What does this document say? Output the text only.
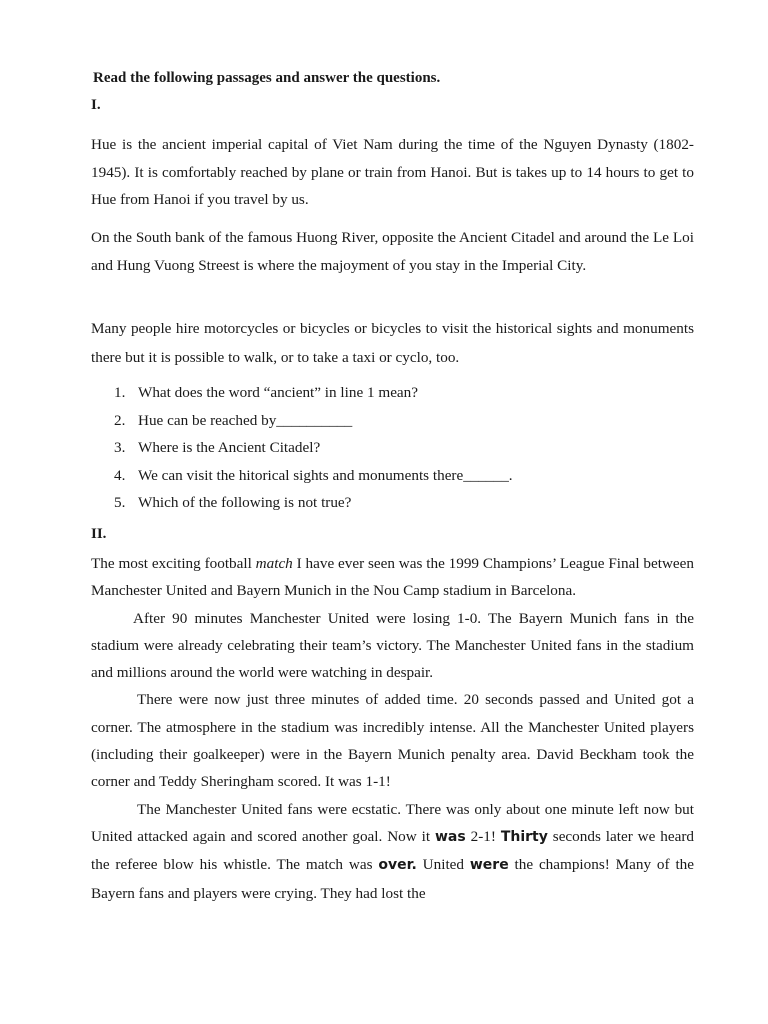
Read the following passages and answer the questions.
I.

Hue is the ancient imperial capital of Viet Nam during the time of the Nguyen Dynasty (1802-1945). It is comfortably reached by plane or train from Hanoi. But is takes up to 14 hours to get to Hue from Hanoi if you travel by us.

On the South bank of the famous Huong River, opposite the Ancient Citadel and around the Le Loi and Hung Vuong Streest is where the majoyment of you stay in the Imperial City.

Many people hire motorcycles or bicycles or bicycles to visit the historical sights and monuments there but it is possible to walk, or to take a taxi or cyclo, too.

1. What does the word “ancient” in line 1 mean?
2. Hue can be reached by__________
3. Where is the Ancient Citadel?
4. We can visit the hitorical sights and monuments there______.
5. Which of the following is not true?
II.

The most exciting football match I have ever seen was the 1999 Champions’ League Final between Manchester United and Bayern Munich in the Nou Camp stadium in Barcelona.

After 90 minutes Manchester United were losing 1-0. The Bayern Munich fans in the stadium were already celebrating their team’s victory. The Manchester United fans in the stadium and millions around the world were watching in despair.

There were now just three minutes of added time. 20 seconds passed and United got a corner. The atmosphere in the stadium was incredibly intense. All the Manchester United players (including their goalkeeper) were in the Bayern Munich penalty area. David Beckham took the corner and Teddy Sheringham scored. It was 1-1!

The Manchester United fans were ecstatic. There was only about one minute left now but United attacked again and scored another goal. Now it was 2-1! Thirty seconds later we heard the referee blow his whistle. The match was over. United were the champions! Many of the Bayern fans and players were crying. They had lost the
